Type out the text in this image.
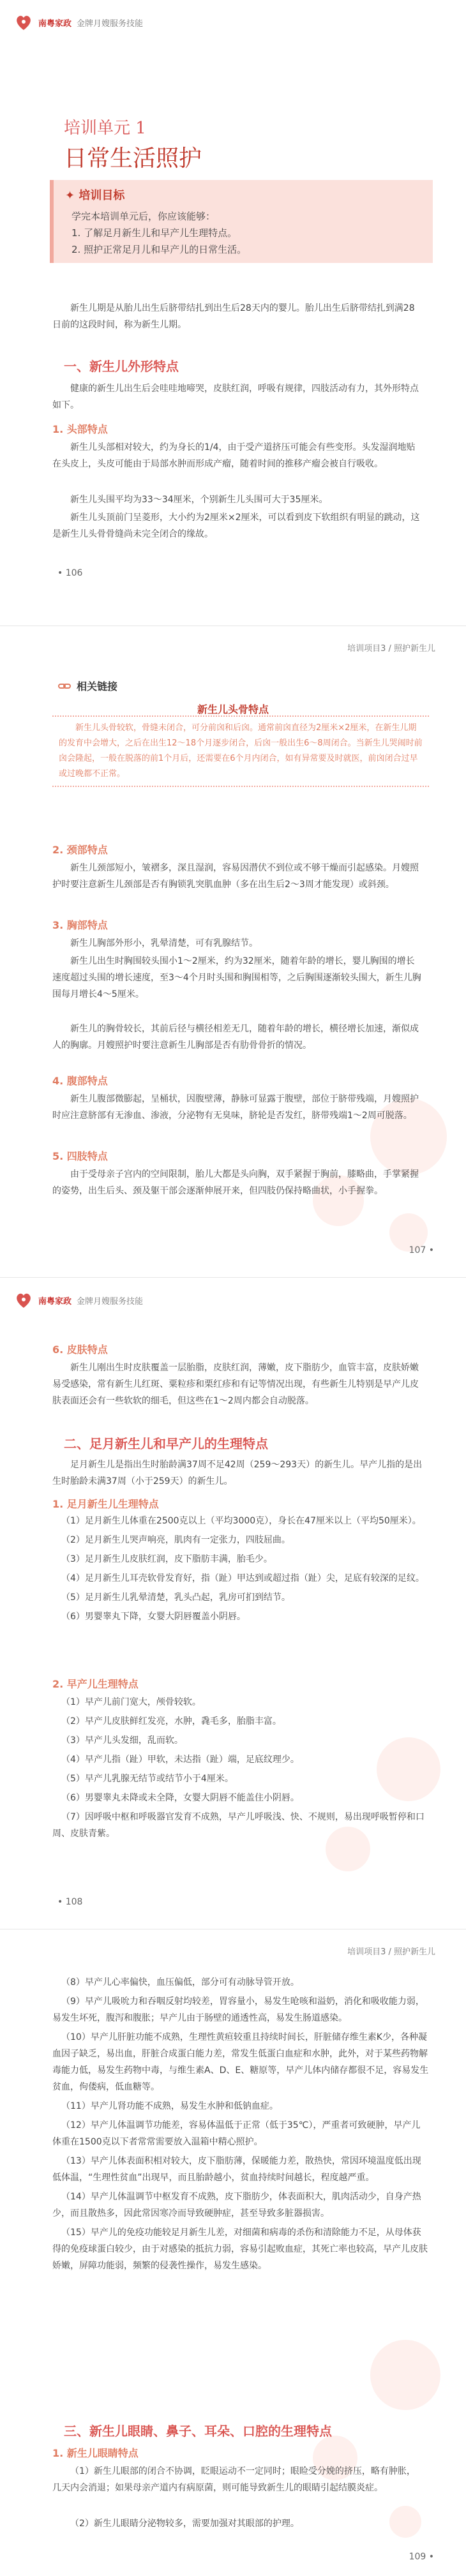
南粤家政 金牌月嫂服务技能
培训单元 1
日常生活照护
✦ 培训目标
学完本培训单元后，你应该能够：
1. 了解足月新生儿和早产儿生理特点。
2. 照护正常足月儿和早产儿的日常生活。
新生儿期是从胎儿出生后脐带结扎到出生后28天内的婴儿。胎儿出生后脐带结扎到满28日前的这段时间，称为新生儿期。
一、新生儿外形特点
健康的新生儿出生后会哇哇地啼哭，皮肤红润，呼吸有规律，四肢活动有力，其外形特点如下。
1. 头部特点
新生儿头部相对较大，约为身长的1/4，由于受产道挤压可能会有些变形。头发湿润地贴在头皮上，头皮可能由于局部水肿而形成产瘤，随着时间的推移产瘤会被自行吸收。
新生儿头围平均为33～34厘米，个别新生儿头围可大于35厘米。
新生儿头顶前门呈菱形，大小约为2厘米×2厘米，可以看到皮下软组织有明显的跳动，这是新生儿头骨骨缝尚未完全闭合的缘故。
• 106
培训项目3 / 照护新生儿
相关链接
新生儿头骨特点
新生儿头骨较软，骨缝未闭合，可分前囟和后囟。通常前囟直径为2厘米×2厘米，在新生儿期的发育中会增大，之后在出生12～18个月逐步闭合，后囟一般出生6～8周闭合。当新生儿哭闹时前囟会隆起，一般在脱落的前1个月后，还需要在6个月内闭合，如有异常要及时就医，前囟闭合过早或过晚都不正常。
2. 颈部特点
新生儿颈部短小，皱褶多，深且湿润，容易因潜伏不到位或不够干燥而引起感染。月嫂照护时要注意新生儿颈部是否有胸锁乳突肌血肿（多在出生后2～3周才能发现）或斜颈。
3. 胸部特点
新生儿胸部外形小，乳晕清楚，可有乳腺结节。
新生儿出生时胸围较头围小1～2厘米，约为32厘米，随着年龄的增长，婴儿胸围的增长速度超过头围的增长速度，至3～4个月时头围和胸围相等，之后胸围逐渐较头围大，新生儿胸围每月增长4～5厘米。
新生儿的胸骨较长，其前后径与横径相差无几，随着年龄的增长，横径增长加速，渐似成人的胸廓。月嫂照护时要注意新生儿胸部是否有肋骨骨折的情况。
4. 腹部特点
新生儿腹部微膨起，呈桶状，因腹壁薄，静脉可显露于腹壁，部位于脐带残端，月嫂照护时应注意脐部有无渗血、渗液，分泌物有无臭味，脐轮是否发红，脐带残端1～2周可脱落。
5. 四肢特点
由于受母亲子宫内的空间限制，胎儿大都是头向胸，双手紧握于胸前，膝略曲，手掌紧握的姿势，出生后头、颈及躯干部会逐渐伸展开来，但四肢仍保持略曲状，小手握拳。
107 •
南粤家政 金牌月嫂服务技能
6. 皮肤特点
新生儿刚出生时皮肤覆盖一层胎脂，皮肤红润，薄嫩，皮下脂肪少，血管丰富，皮肤娇嫩易受感染，常有新生儿红斑、粟粒疹和栗红疹和有记等情况出现，有些新生儿特别是早产儿皮肤表面还会有一些软软的细毛，但这些在1～2周内都会自动脱落。
二、足月新生儿和早产儿的生理特点
足月新生儿是指出生时胎龄满37周不足42周（259～293天）的新生儿。早产儿指的是出生时胎龄未满37周（小于259天）的新生儿。
1. 足月新生儿生理特点
（1）足月新生儿体重在2500克以上（平均3000克），身长在47厘米以上（平均50厘米）。
（2）足月新生儿哭声响亮，肌肉有一定张力，四肢屈曲。
（3）足月新生儿皮肤红润，皮下脂肪丰满，胎毛少。
（4）足月新生儿耳壳软骨发育好，指（趾）甲达到或超过指（趾）尖，足底有较深的足纹。
（5）足月新生儿乳晕清楚，乳头凸起，乳房可扪到结节。
（6）男婴睾丸下降，女婴大阴唇覆盖小阴唇。
2. 早产儿生理特点
（1）早产儿前门宽大，颅骨较软。
（2）早产儿皮肤鲜红发亮，水肿，毳毛多，胎脂丰富。
（3）早产儿头发细，乱而软。
（4）早产儿指（趾）甲软，未达指（趾）端，足底纹理少。
（5）早产儿乳腺无结节或结节小于4厘米。
（6）男婴睾丸未降或未全降，女婴大阴唇不能盖住小阴唇。
（7）因呼吸中枢和呼吸器官发育不成熟，早产儿呼吸浅、快、不规则，易出现呼吸暂停和口周、皮肤青紫。
• 108
培训项目3 / 照护新生儿
（8）早产儿心率偏快，血压偏低，部分可有动脉导管开放。
（9）早产儿吸吮力和吞咽反射均较差，胃容量小，易发生呛咳和溢奶，消化和吸收能力弱，易发生坏死，腹泻和腹胀；早产儿由于肠壁的通透性高，易发生肠道感染。
（10）早产儿肝脏功能不成熟，生理性黄疸较重且持续时间长，肝脏储存维生素K少，各种凝血因子缺乏，易出血，肝脏合成蛋白能力差，常发生低蛋白血症和水肿，此外，对于某些药物解毒能力低，易发生药物中毒，与维生素A、D、E、糖原等，早产儿体内储存都很不足，容易发生贫血，佝偻病，低血糖等。
（11）早产儿肾功能不成熟，易发生水肿和低钠血症。
（12）早产儿体温调节功能差，容易体温低于正常（低于35℃），严重者可致硬肿，早产儿体重在1500克以下者常常需要放入温箱中精心照护。
（13）早产儿体表面积相对较大，皮下脂肪薄，保暖能力差，散热快，常因环境温度低出现低体温，“生理性贫血”出现早，而且胎龄越小，贫血持续时间越长，程度越严重。
（14）早产儿体温调节中枢发育不成熟，皮下脂肪少，体表面积大，肌肉活动少，自身产热少，而且散热多，因此常因寒冷而导致硬肿症，甚至导致多脏器损害。
（15）早产儿的免疫功能较足月新生儿差，对细菌和病毒的杀伤和清除能力不足，从母体获得的免疫球蛋白较少，由于对感染的抵抗力弱，容易引起败血症，其死亡率也较高，早产儿皮肤娇嫩，屏障功能弱，频繁的侵袭性操作，易发生感染。
三、新生儿眼睛、鼻子、耳朵、口腔的生理特点
1. 新生儿眼睛特点
（1）新生儿眼部的闭合不协调，眨眼运动不一定同时；眼睑受分娩的挤压，略有肿胀，几天内会消退；如果母亲产道内有病原菌，则可能导致新生儿的眼睛引起结膜炎症。
（2）新生儿眼睛分泌物较多，需要加强对其眼部的护理。
109 •
